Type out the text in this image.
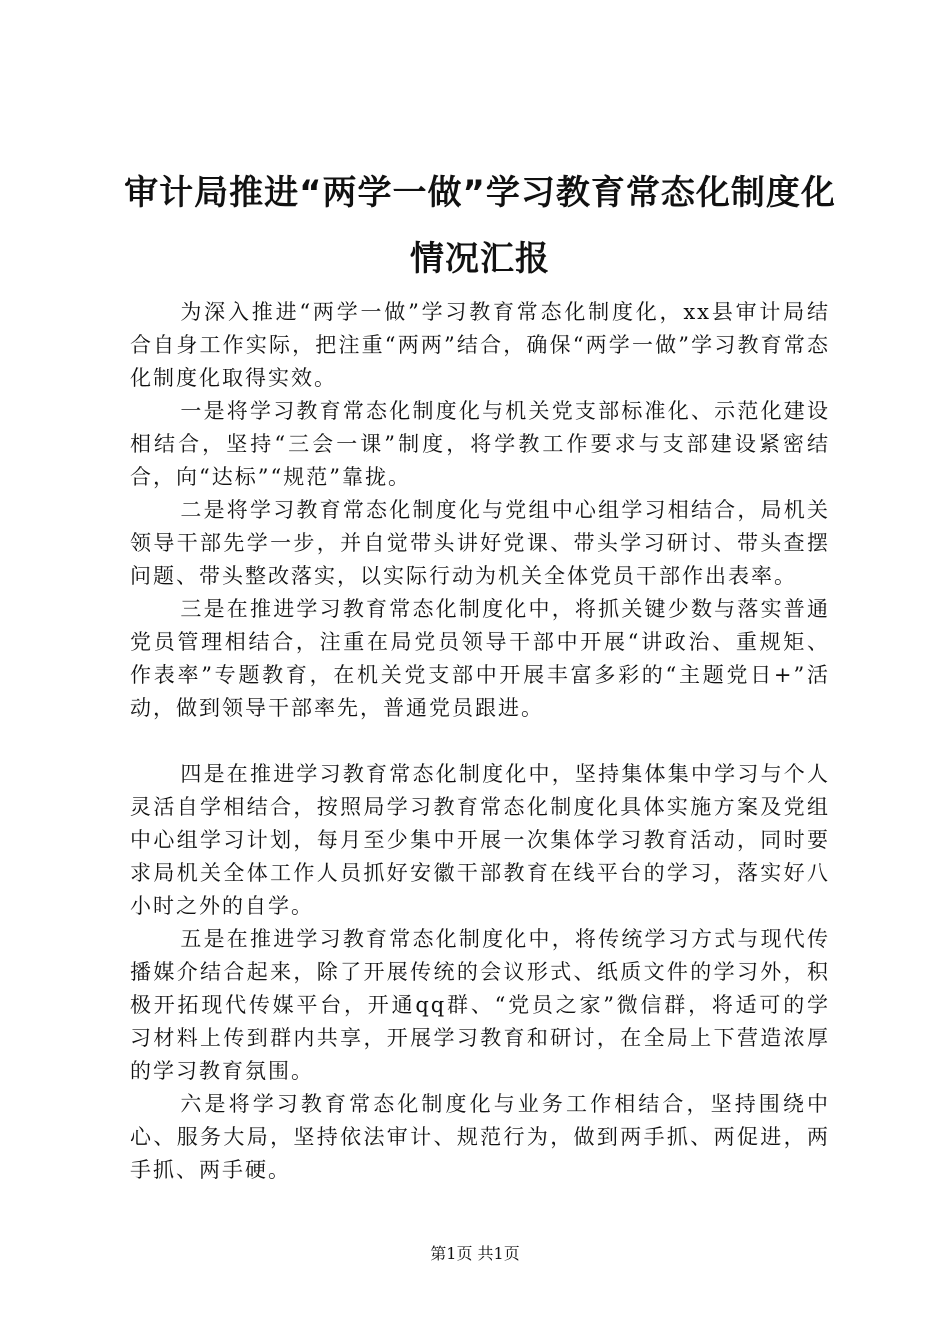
审计局推进“两学一做”学习教育常态化制度化情况汇报

为深入推进“两学一做”学习教育常态化制度化，xx县审计局结合自身工作实际，把注重“两两”结合，确保“两学一做”学习教育常态化制度化取得实效。

一是将学习教育常态化制度化与机关党支部标准化、示范化建设相结合，坚持“三会一课”制度，将学教工作要求与支部建设紧密结合，向“达标”“规范”靠拢。

二是将学习教育常态化制度化与党组中心组学习相结合，局机关领导干部先学一步，并自觉带头讲好党课、带头学习研讨、带头查摆问题、带头整改落实，以实际行动为机关全体党员干部作出表率。

三是在推进学习教育常态化制度化中，将抓关键少数与落实普通党员管理相结合，注重在局党员领导干部中开展“讲政治、重规矩、作表率”专题教育，在机关党支部中开展丰富多彩的“主题党日+”活动，做到领导干部率先，普通党员跟进。

四是在推进学习教育常态化制度化中，坚持集体集中学习与个人灵活自学相结合，按照局学习教育常态化制度化具体实施方案及党组中心组学习计划，每月至少集中开展一次集体学习教育活动，同时要求局机关全体工作人员抓好安徽干部教育在线平台的学习，落实好八小时之外的自学。

五是在推进学习教育常态化制度化中，将传统学习方式与现代传播媒介结合起来，除了开展传统的会议形式、纸质文件的学习外，积极开拓现代传媒平台，开通qq群、“党员之家”微信群，将适可的学习材料上传到群内共享，开展学习教育和研讨，在全局上下营造浓厚的学习教育氛围。

六是将学习教育常态化制度化与业务工作相结合，坚持围绕中心、服务大局，坚持依法审计、规范行为，做到两手抓、两促进，两手抓、两手硬。

第1页 共1页
